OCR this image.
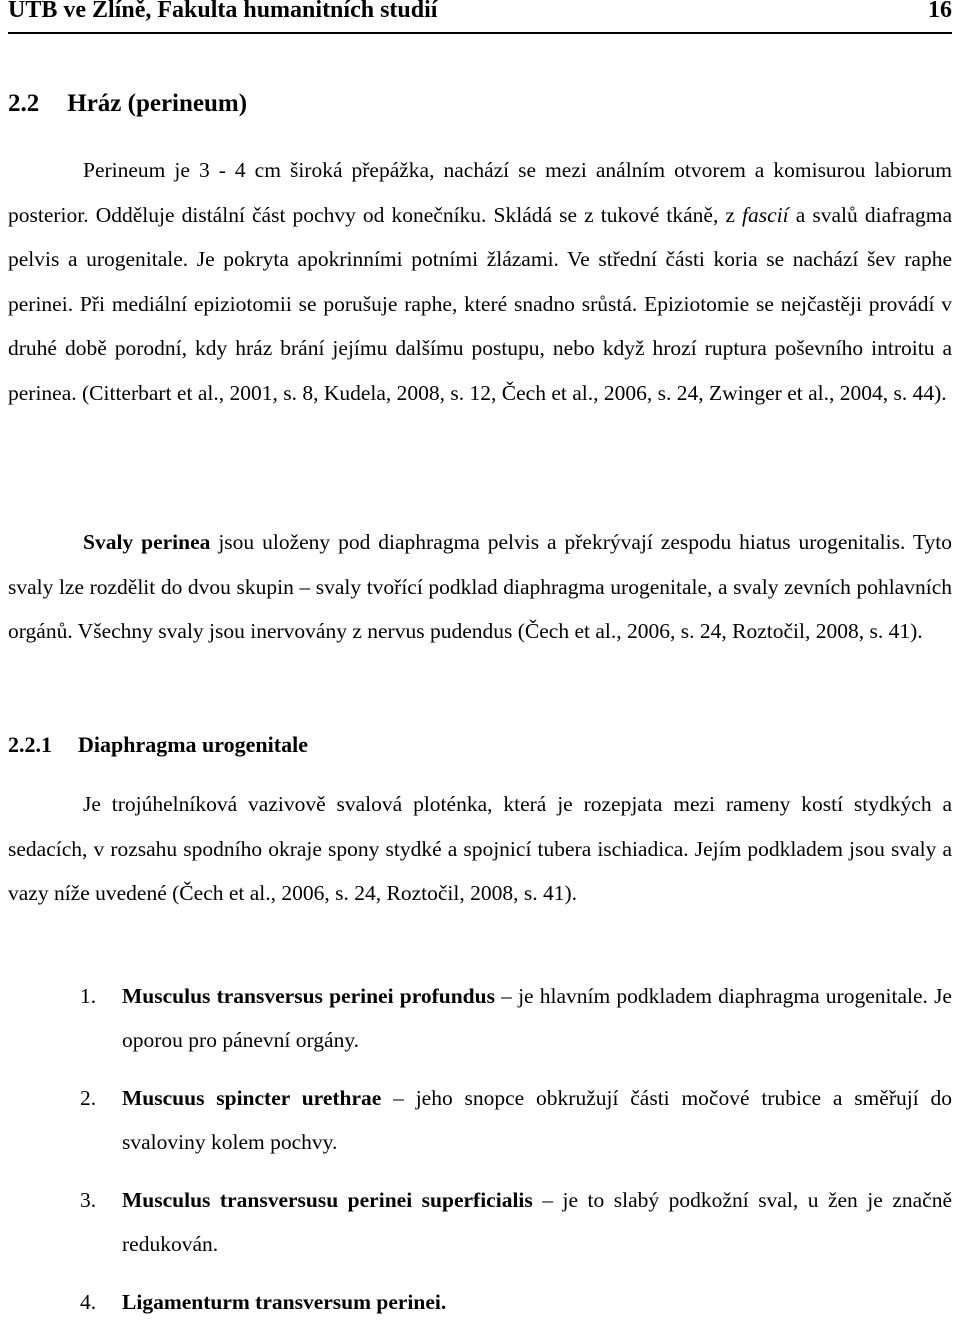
UTB ve Zlíně, Fakulta humanitních studií	16
2.2 Hráz (perineum)
Perineum je 3 - 4 cm široká přepážka, nachází se mezi análním otvorem a komisurou labiorum posterior. Odděluje distální část pochvy od konečníku. Skládá se z tukové tkáně, z fascií a svalů diafragma pelvis a urogenitale. Je pokryta apokrinními potními žlázami. Ve střední části koria se nachází šev raphe perinei. Při mediální epiziotomii se porušuje raphe, které snadno srůstá. Epiziotomie se nejčastěji provádí v druhé době porodní, kdy hráz brání jejímu dalšímu postupu, nebo když hrozí ruptura poševního introitu a perinea. (Citterbart et al., 2001, s. 8, Kudela, 2008, s. 12, Čech et al., 2006, s. 24, Zwinger et al., 2004, s. 44).
Svaly perinea jsou uloženy pod diaphragma pelvis a překrývají zespodu hiatus urogenitalis. Tyto svaly lze rozdělit do dvou skupin – svaly tvořící podklad diaphragma urogenitale, a svaly zevních pohlavních orgánů. Všechny svaly jsou inervovány z nervus pudendus (Čech et al., 2006, s. 24, Roztočil, 2008, s. 41).
2.2.1 Diaphragma urogenitale
Je trojúhelníková vazivově svalová ploténka, která je rozepjata mezi rameny kostí stydkých a sedacích, v rozsahu spodního okraje spony stydké a spojnicí tubera ischiadica. Jejím podkladem jsou svaly a vazy níže uvedené (Čech et al., 2006, s. 24, Roztočil, 2008, s. 41).
1. Musculus transversus perinei profundus – je hlavním podkladem diaphragma urogenitale. Je oporou pro pánevní orgány.
2. Muscuus spincter urethrae – jeho snopce obkružují části močové trubice a směřují do svaloviny kolem pochvy.
3. Musculus transversusu perinei superficialis – je to slabý podkožní sval, u žen je značně redukován.
4. Ligamenturm transversum perinei.
